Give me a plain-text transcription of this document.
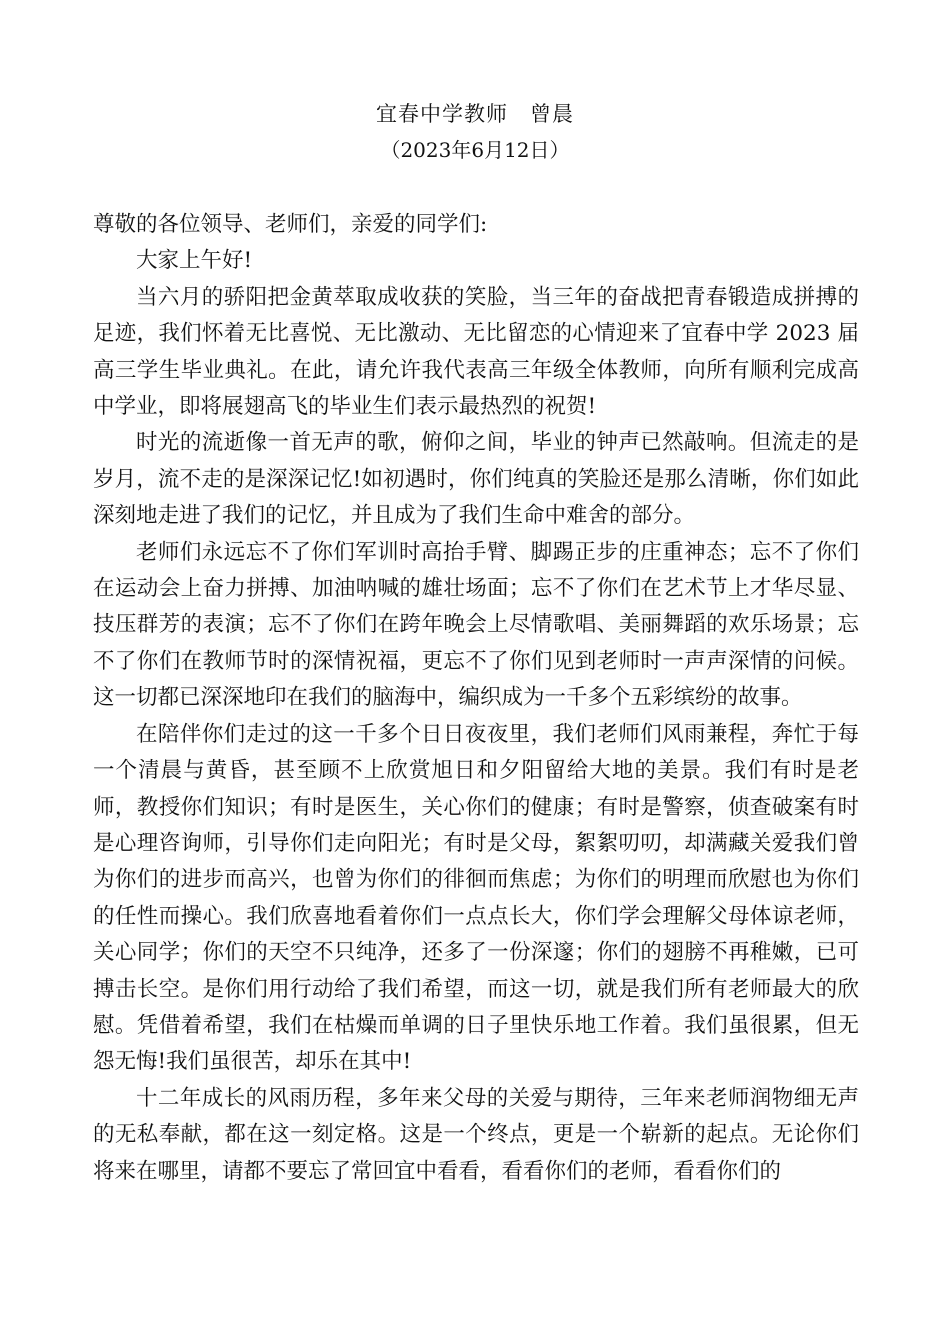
宜春中学教师　曾晨
（2023年6月12日）

尊敬的各位领导、老师们，亲爱的同学们:

大家上午好!

当六月的骄阳把金黄萃取成收获的笑脸，当三年的奋战把青春锻造成拼搏的足迹，我们怀着无比喜悦、无比激动、无比留恋的心情迎来了宜春中学 2023 届高三学生毕业典礼。在此，请允许我代表高三年级全体教师，向所有顺利完成高中学业，即将展翅高飞的毕业生们表示最热烈的祝贺!

时光的流逝像一首无声的歌，俯仰之间，毕业的钟声已然敲响。但流走的是岁月，流不走的是深深记忆!如初遇时，你们纯真的笑脸还是那么清晰，你们如此深刻地走进了我们的记忆，并且成为了我们生命中难舍的部分。

老师们永远忘不了你们军训时高抬手臂、脚踢正步的庄重神态；忘不了你们在运动会上奋力拼搏、加油呐喊的雄壮场面；忘不了你们在艺术节上才华尽显、技压群芳的表演；忘不了你们在跨年晚会上尽情歌唱、美丽舞蹈的欢乐场景；忘不了你们在教师节时的深情祝福，更忘不了你们见到老师时一声声深情的问候。这一切都已深深地印在我们的脑海中，编织成为一千多个五彩缤纷的故事。

在陪伴你们走过的这一千多个日日夜夜里，我们老师们风雨兼程，奔忙于每一个清晨与黄昏，甚至顾不上欣赏旭日和夕阳留给大地的美景。我们有时是老师，教授你们知识；有时是医生，关心你们的健康；有时是警察，侦查破案有时是心理咨询师，引导你们走向阳光；有时是父母，絮絮叨叨，却满藏关爱我们曾为你们的进步而高兴，也曾为你们的徘徊而焦虑；为你们的明理而欣慰也为你们的任性而操心。我们欣喜地看着你们一点点长大，你们学会理解父母体谅老师，关心同学；你们的天空不只纯净，还多了一份深邃；你们的翅膀不再稚嫩，已可搏击长空。是你们用行动给了我们希望，而这一切，就是我们所有老师最大的欣慰。凭借着希望，我们在枯燥而单调的日子里快乐地工作着。我们虽很累，但无怨无悔!我们虽很苦，却乐在其中!

十二年成长的风雨历程，多年来父母的关爱与期待，三年来老师润物细无声的无私奉献，都在这一刻定格。这是一个终点，更是一个崭新的起点。无论你们将来在哪里，请都不要忘了常回宜中看看，看看你们的老师，看看你们的
